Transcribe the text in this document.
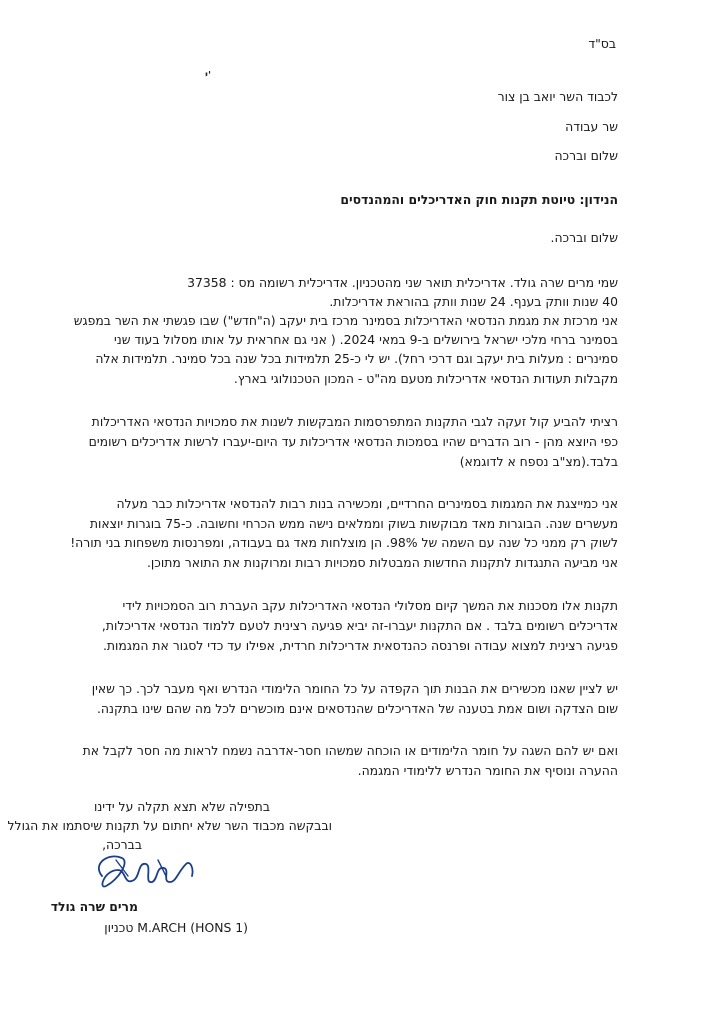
בס"ד
י'
לכבוד השר יואב בן צור
שר עבודה
שלום וברכה
הנידון: טיוטת תקנות חוק האדריכלים והמהנדסים
שלום וברכה.
שמי מרים שרה גולד. אדריכלית תואר שני מהטכניון. אדריכלית רשומה מס : 37358
40 שנות וותק בענף. 24 שנות וותק בהוראת אדריכלות.
אני מרכזת את מגמת הנדסאי האדריכלות בסמינר מרכז בית יעקב (ה"חדש") שבו פגשתי את השר במפגש
בסמינר ברחי מלכי ישראל בירושלים ב-9 במאי 2024. ( אני גם אחראית על אותו מסלול בעוד שני
סמינרים : מעלות בית יעקב וגם דרכי רחל). יש לי כ-25 תלמידות בכל שנה בכל סמינר. תלמידות אלה
מקבלות תעודות הנדסאי אדריכלות מטעם מה"ט - המכון הטכנולוגי בארץ.
רציתי להביע קול זעקה לגבי התקנות המתפרסמות המבקשות לשנות את סמכויות הנדסאי האדריכלות
כפי היוצא מהן - רוב הדברים שהיו בסמכות הנדסאי אדריכלות עד היום-יעברו לרשות אדריכלים רשומים
בלבד.(מצ"ב נספח א לדוגמא)
אני כמייצגת את המגמות בסמינרים החרדיים, ומכשירה בנות רבות להנדסאי אדריכלות כבר מעלה
מעשרים שנה. הבוגרות מאד מבוקשות בשוק וממלאים נישה ממש הכרחי וחשובה. כ-75 בוגרות יוצאות
לשוק רק ממני כל שנה עם השמה של 98%. הן מוצלחות מאד גם בעבודה, ומפרנסות משפחות בני תורה!
אני מביעה התנגדות לתקנות החדשות המבטלות סמכויות רבות ומרוקנות את התואר מתוכן.
תקנות אלו מסכנות את המשך קיום מסלולי הנדסאי האדריכלות עקב העברת רוב הסמכויות לידי
אדריכלים רשומים בלבד . אם התקנות יעברו-זה יביא פגיעה רצינית לטעם ללמוד הנדסאי אדריכלות,
פגיעה רצינית למצוא עבודה ופרנסה כהנדסאית אדריכלות חרדית, אפילו עד כדי לסגור את המגמות.
יש לציין שאנו מכשירים את הבנות תוך הקפדה על כל החומר הלימודי הנדרש ואף מעבר לכך. כך שאין
שום הצדקה ושום אמת בטענה של האדריכלים שהנדסאים אינם מוכשרים לכל מה שהם שינו בתקנה.
ואם יש להם השגה על חומר הלימודים או הוכחה שמשהו חסר-אדרבה נשמח לראות מה חסר לקבל את
ההערה ונוסיף את החומר הנדרש ללימודי המגמה.
בתפילה שלא תצא תקלה על ידינו
ובבקשה מכבוד השר שלא יחתום על תקנות שיסתמו את הגולל
בברכה,
מרים שרה גולד
M.ARCH (HONS 1) טכניון
